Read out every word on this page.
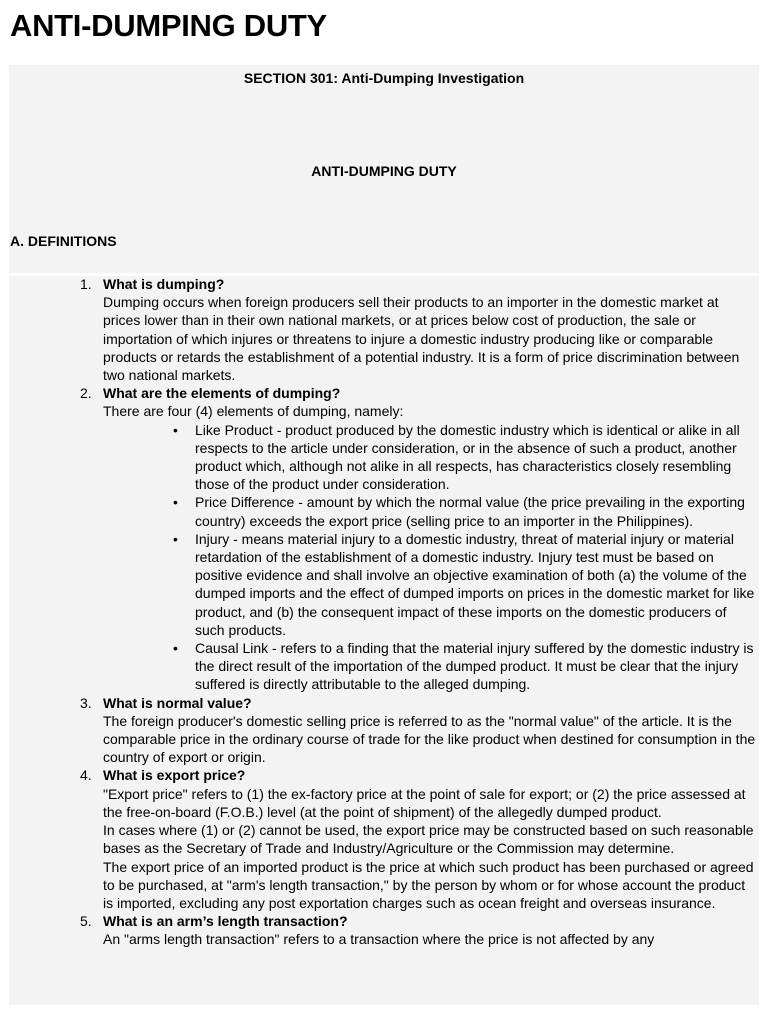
ANTI-DUMPING DUTY
SECTION 301: Anti-Dumping Investigation
ANTI-DUMPING DUTY
A. DEFINITIONS
1. What is dumping?

Dumping occurs when foreign producers sell their products to an importer in the domestic market at prices lower than in their own national markets, or at prices below cost of production, the sale or importation of which injures or threatens to injure a domestic industry producing like or comparable products or retards the establishment of a potential industry. It is a form of price discrimination between two national markets.

2. What are the elements of dumping?

There are four (4) elements of dumping, namely:

• Like Product - product produced by the domestic industry which is identical or alike in all respects to the article under consideration, or in the absence of such a product, another product which, although not alike in all respects, has characteristics closely resembling those of the product under consideration.
• Price Difference - amount by which the normal value (the price prevailing in the exporting country) exceeds the export price (selling price to an importer in the Philippines).
• Injury - means material injury to a domestic industry, threat of material injury or material retardation of the establishment of a domestic industry. Injury test must be based on positive evidence and shall involve an objective examination of both (a) the volume of the dumped imports and the effect of dumped imports on prices in the domestic market for like product, and (b) the consequent impact of these imports on the domestic producers of such products.
• Causal Link - refers to a finding that the material injury suffered by the domestic industry is the direct result of the importation of the dumped product. It must be clear that the injury suffered is directly attributable to the alleged dumping.
3. What is normal value?

The foreign producer's domestic selling price is referred to as the "normal value" of the article. It is the comparable price in the ordinary course of trade for the like product when destined for consumption in the country of export or origin.

4. What is export price?

"Export price" refers to (1) the ex-factory price at the point of sale for export; or (2) the price assessed at the free-on-board (F.O.B.) level (at the point of shipment) of the allegedly dumped product.

In cases where (1) or (2) cannot be used, the export price may be constructed based on such reasonable bases as the Secretary of Trade and Industry/Agriculture or the Commission may determine.

The export price of an imported product is the price at which such product has been purchased or agreed to be purchased, at "arm's length transaction," by the person by whom or for whose account the product is imported, excluding any post exportation charges such as ocean freight and overseas insurance.

5. What is an arm’s length transaction?

An "arms length transaction" refers to a transaction where the price is not affected by any
